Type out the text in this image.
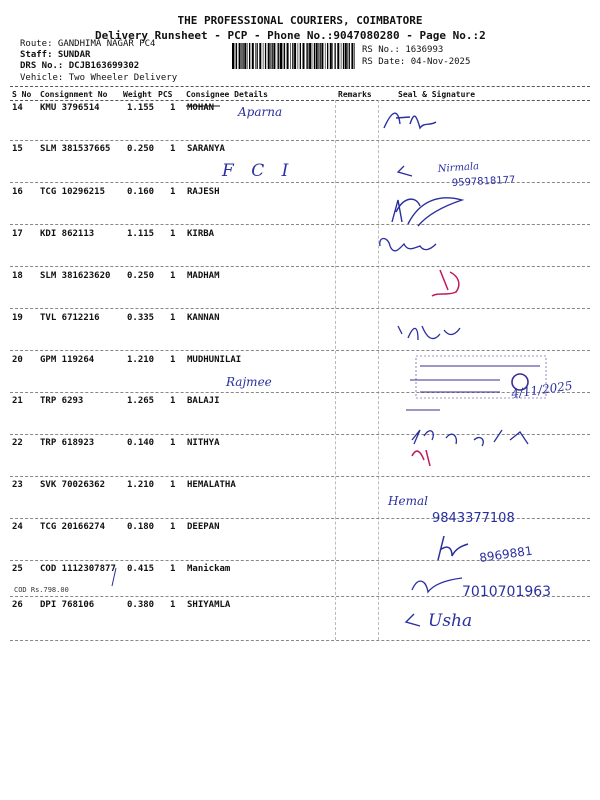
THE PROFESSIONAL COURIERS, COIMBATORE
Delivery Runsheet - PCP - Phone No.:9047080280 - Page No.:2
Route: GANDHIMA NAGAR PC4
Staff: SUNDAR
DRS No.: DCJB163699302
Vehicle: Two Wheeler Delivery
RS No.: 1636993
RS Date: 04-Nov-2025
S No Consignment No Weight PCS Consignee Details	Remarks	Seal & Signature
14 KMU 3796514	1.155 1 MOHAN
15 SLM 381537665 0.250 1 SARANYA
16 TCG 10296215 0.160 1 RAJESH
17 KDI 862113	1.115 1 KIRBA
18 SLM 381623620 0.250 1 MADHAM
19 TVL 6712216	0.335 1 KANNAN
20 GPM 119264	1.210 1 MUDHUNILAI
21 TRP 6293	1.265 1 BALAJI
22 TRP 618923	0.140 1 NITHYA
23 SVK 70026362 1.210 1 HEMALATHA
24 TCG 20166274 0.180 1 DEEPAN
25 COD 1112307877 0.415 1 Manickam
26 DPI 768106	0.380 1 SHIYAMLA
COD Rs.798.00
Aparna
F C I	Nirmala
9597818177
Rajmee	4/11/2025
Hemal
9843377108
8969881
7010701963
Usha
